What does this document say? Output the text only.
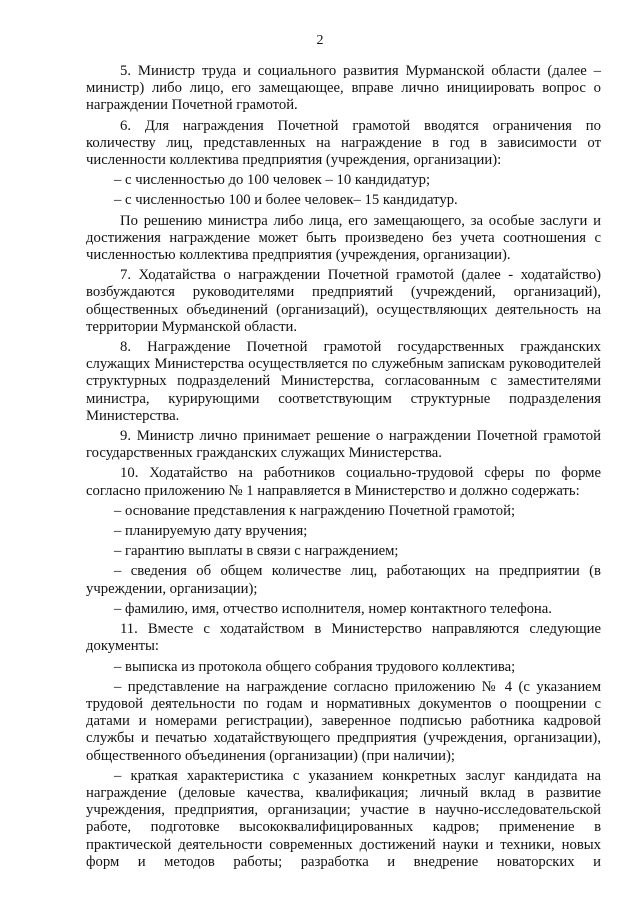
2

5. Министр труда и социального развития Мурманской области (далее – министр) либо лицо, его замещающее, вправе лично инициировать вопрос о награждении Почетной грамотой.

6. Для награждения Почетной грамотой вводятся ограничения по количеству лиц, представленных на награждение в год в зависимости от численности коллектива предприятия (учреждения, организации):

– с численностью до 100 человек – 10 кандидатур;

– с численностью 100 и более человек– 15 кандидатур.

По решению министра либо лица, его замещающего, за особые заслуги и достижения награждение может быть произведено без учета соотношения с численностью коллектива предприятия (учреждения, организации).

7. Ходатайства о награждении Почетной грамотой (далее - ходатайство) возбуждаются руководителями предприятий (учреждений, организаций), общественных объединений (организаций), осуществляющих деятельность на территории Мурманской области.

8. Награждение Почетной грамотой государственных гражданских служащих Министерства осуществляется по служебным запискам руководителей структурных подразделений Министерства, согласованным с заместителями министра, курирующими соответствующим структурные подразделения Министерства.

9. Министр лично принимает решение о награждении Почетной грамотой государственных гражданских служащих Министерства.

10. Ходатайство на работников социально-трудовой сферы по форме согласно приложению № 1 направляется в Министерство и должно содержать:

– основание представления к награждению Почетной грамотой;

– планируемую дату вручения;

– гарантию выплаты в связи с награждением;

– сведения об общем количестве лиц, работающих на предприятии (в учреждении, организации);

– фамилию, имя, отчество исполнителя, номер контактного телефона.

11. Вместе с ходатайством в Министерство направляются следующие документы:

– выписка из протокола общего собрания трудового коллектива;

– представление на награждение согласно приложению № 4 (с указанием трудовой деятельности по годам и нормативных документов о поощрении с датами и номерами регистрации), заверенное подписью работника кадровой службы и печатью ходатайствующего предприятия (учреждения, организации), общественного объединения (организации) (при наличии);

– краткая характеристика с указанием конкретных заслуг кандидата на награждение (деловые качества, квалификация; личный вклад в развитие учреждения, предприятия, организации; участие в научно-исследовательской работе, подготовке высококвалифицированных кадров; применение в практической деятельности современных достижений науки и техники, новых форм и методов работы; разработка и внедрение новаторских и
